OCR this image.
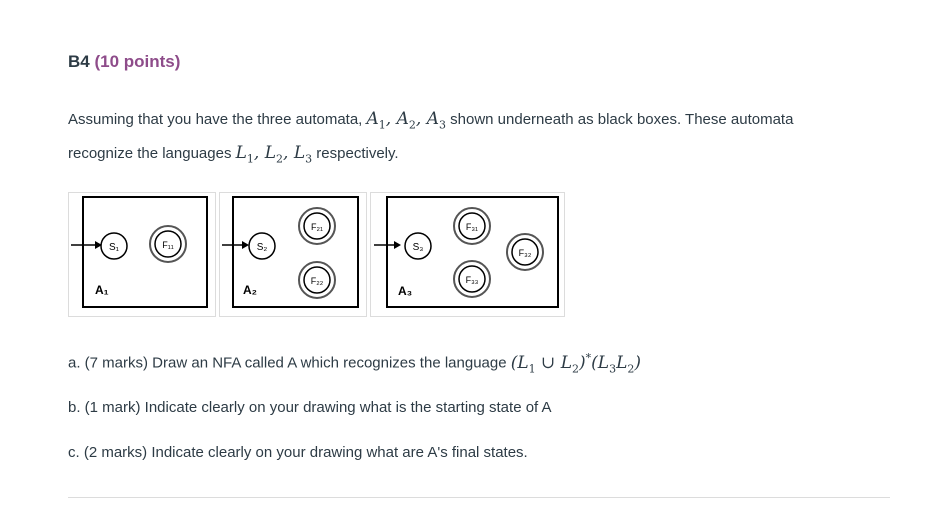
B4 (10 points)
Assuming that you have the three automata, $A_1$, $A_2$, $A_3$ shown underneath as black boxes. These automata
recognize the languages $L_1$, $L_2$, $L_3$ respectively.
S₁	F₁₁
A₁
S₂
F₂₁
F₂₂
A₂
S₃
F₃₁
F₃₂
F₃₃
A₃
a. (7 marks) Draw an NFA called A which recognizes the language ($L_1$ ∪ $L_2)^*(L_3L_2)$
b. (1 mark) Indicate clearly on your drawing what is the starting state of A
c. (2 marks) Indicate clearly on your drawing what are A's final states.
